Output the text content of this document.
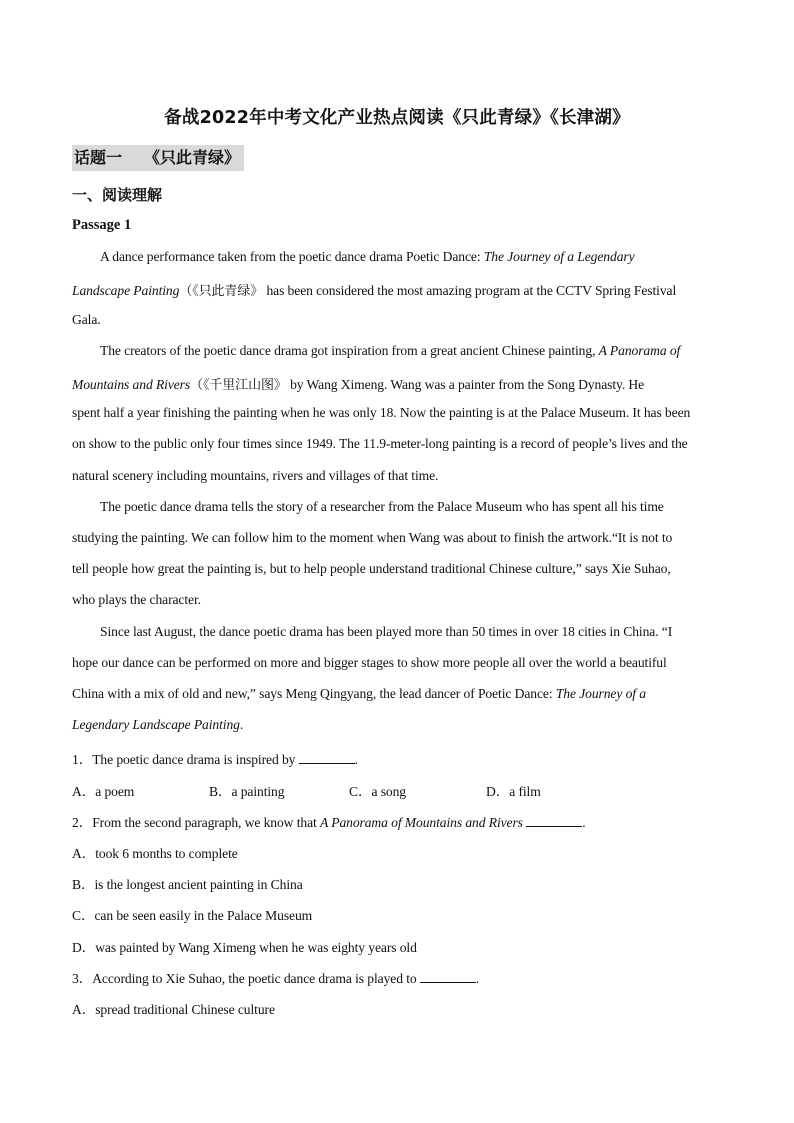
备战2022年中考文化产业热点阅读《只此青绿》《长津湖》
话题一 《只此青绿》
一、阅读理解
Passage 1
A dance performance taken from the poetic dance drama Poetic Dance: The Journey of a Legendary
Landscape Painting（《只此青绿》 has been considered the most amazing program at the CCTV Spring Festival
Gala.
The creators of the poetic dance drama got inspiration from a great ancient Chinese painting, A Panorama of
Mountains and Rivers（《千里江山图》 by Wang Ximeng. Wang was a painter from the Song Dynasty. He
spent half a year finishing the painting when he was only 18. Now the painting is at the Palace Museum. It has been
on show to the public only four times since 1949. The 11.9-meter-long painting is a record of people’s lives and the
natural scenery including mountains, rivers and villages of that time.
The poetic dance drama tells the story of a researcher from the Palace Museum who has spent all his time
studying the painting. We can follow him to the moment when Wang was about to finish the artwork.“It is not to
tell people how great the painting is, but to help people understand traditional Chinese culture,” says Xie Suhao,
who plays the character.
Since last August, the dance poetic drama has been played more than 50 times in over 18 cities in China. “I
hope our dance can be performed on more and bigger stages to show more people all over the world a beautiful
China with a mix of old and new,” says Meng Qingyang, the lead dancer of Poetic Dance: The Journey of a
Legendary Landscape Painting.
1．The poetic dance drama is inspired by	.
A．a poem	B．a painting	C．a song	D．a film
2．From the second paragraph, we know that A Panorama of Mountains and Rivers	.
A．took 6 months to complete
B．is the longest ancient painting in China
C．can be seen easily in the Palace Museum
D．was painted by Wang Ximeng when he was eighty years old
3．According to Xie Suhao, the poetic dance drama is played to	.
A．spread traditional Chinese culture
